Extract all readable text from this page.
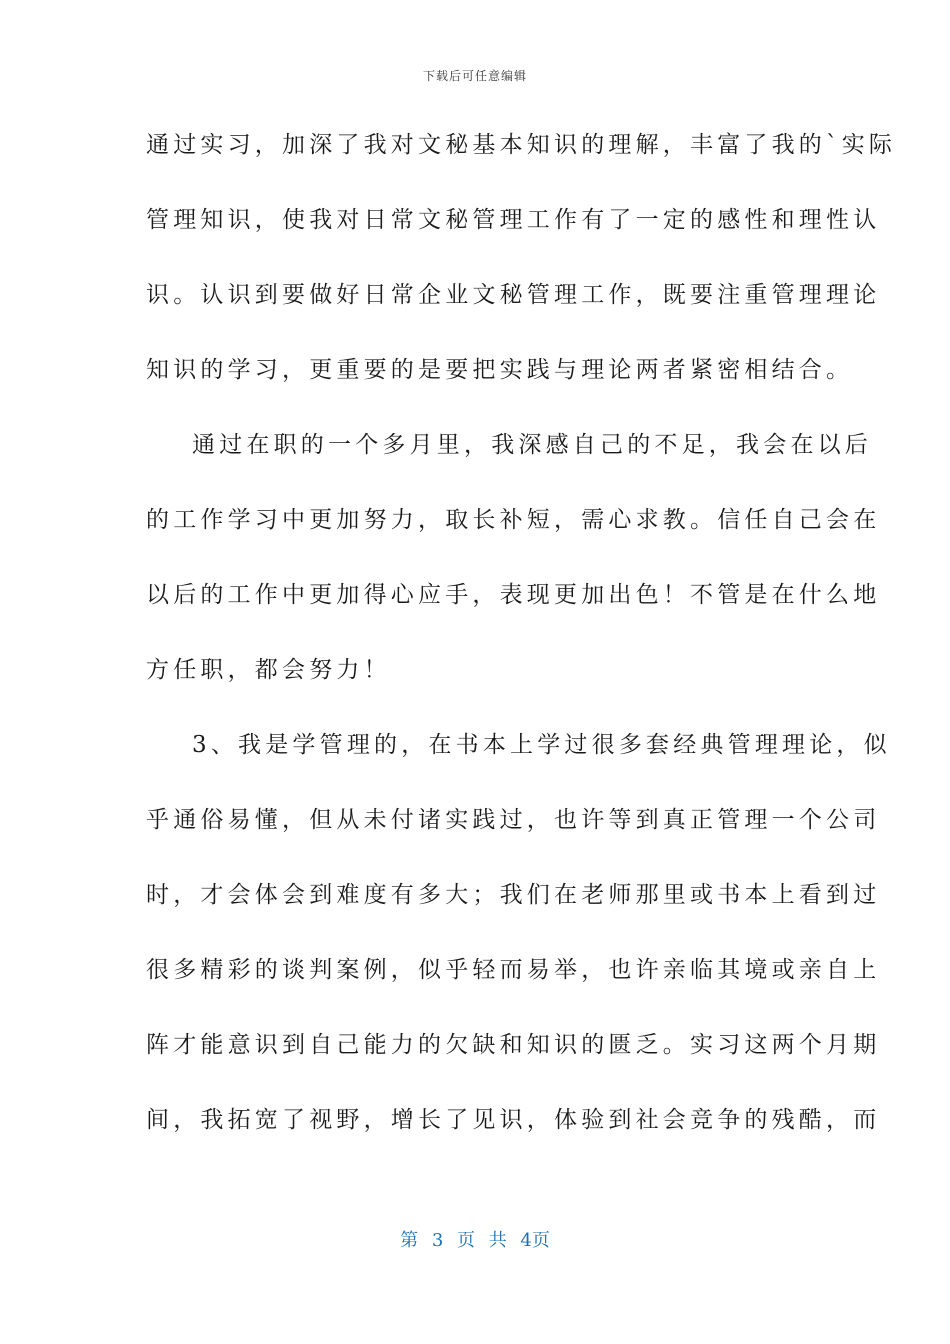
下载后可任意编辑
通过实习，加深了我对文秘基本知识的理解，丰富了我的`实际
管理知识，使我对日常文秘管理工作有了一定的感性和理性认
识。认识到要做好日常企业文秘管理工作，既要注重管理理论
知识的学习，更重要的是要把实践与理论两者紧密相结合。
通过在职的一个多月里，我深感自己的不足，我会在以后
的工作学习中更加努力，取长补短，需心求教。信任自己会在
以后的工作中更加得心应手，表现更加出色！不管是在什么地
方任职，都会努力！
3、我是学管理的，在书本上学过很多套经典管理理论，似
乎通俗易懂，但从未付诸实践过，也许等到真正管理一个公司
时，才会体会到难度有多大；我们在老师那里或书本上看到过
很多精彩的谈判案例，似乎轻而易举，也许亲临其境或亲自上
阵才能意识到自己能力的欠缺和知识的匮乏。实习这两个月期
间，我拓宽了视野，增长了见识，体验到社会竞争的残酷，而
第 3 页 共 4页
